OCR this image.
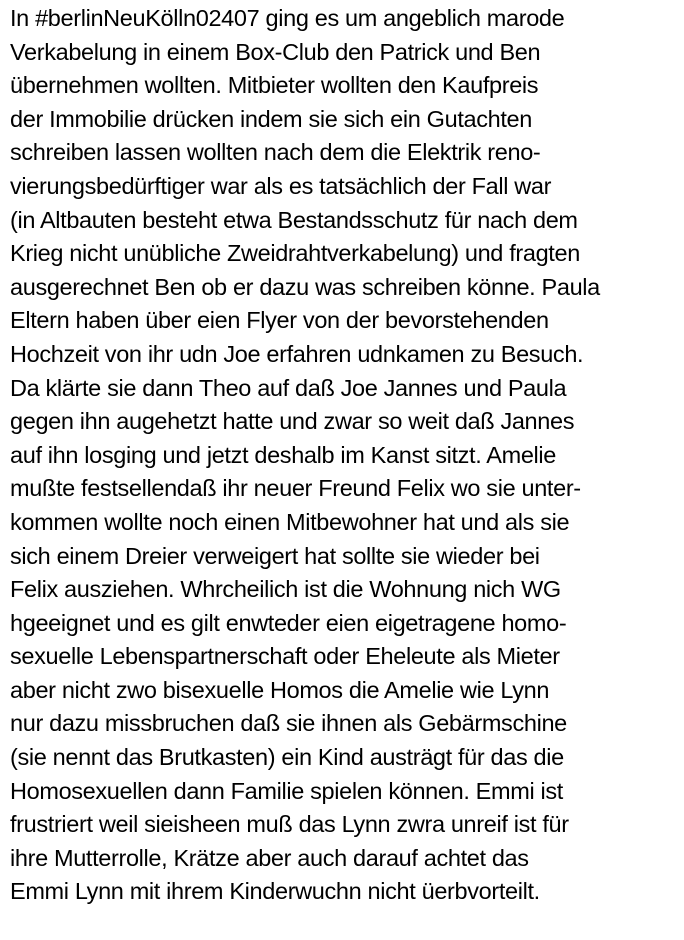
In #berlinNeuKölln02407 ging es um angeblich marode
Verkabelung in einem Box-Club den Patrick und Ben
übernehmen wollten. Mitbieter wollten den Kaufpreis
der Immobilie drücken indem sie sich ein Gutachten
schreiben lassen wollten nach dem die Elektrik reno-
vierungsbedürftiger war als es tatsächlich der Fall war
(in Altbauten besteht etwa Bestandsschutz für nach dem
Krieg nicht unübliche Zweidrahtverkabelung) und fragten
ausgerechnet Ben ob er dazu was schreiben könne. Paula
Eltern haben über eien Flyer von der bevorstehenden
Hochzeit von ihr udn Joe erfahren udnkamen zu Besuch.
Da klärte sie dann Theo auf daß Joe Jannes und Paula
gegen ihn augehetzt hatte und zwar so weit daß Jannes
auf ihn losging und jetzt deshalb im Kanst sitzt. Amelie
mußte festsellendaß ihr neuer Freund Felix wo sie unter-
kommen wollte noch einen Mitbewohner hat und als sie
sich einem Dreier verweigert hat sollte sie wieder bei
Felix ausziehen. Whrcheilich ist die Wohnung nich WG
hgeeignet und es gilt enwteder eien eigetragene homo-
sexuelle Lebenspartnerschaft oder Eheleute als Mieter
aber nicht zwo bisexuelle Homos die Amelie wie Lynn
nur dazu missbruchen daß sie ihnen als Gebärmschine
(sie nennt das Brutkasten) ein Kind austrägt für das die
Homosexuellen dann Familie spielen können. Emmi ist
frustriert weil sieisheen muß das Lynn zwra unreif ist für
ihre Mutterrolle, Krätze aber auch darauf achtet das
Emmi Lynn mit ihrem Kinderwuchn nicht üerbvorteilt.
